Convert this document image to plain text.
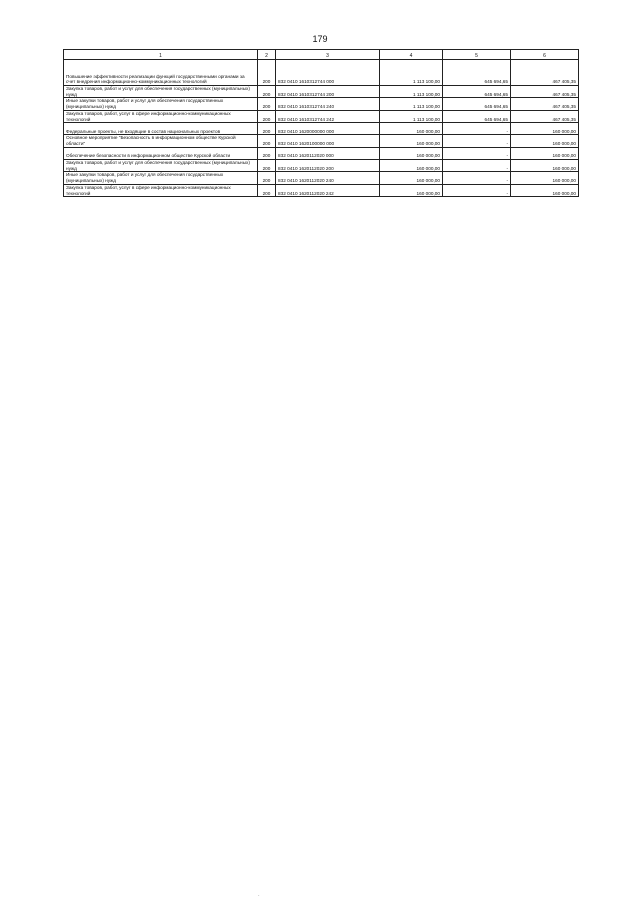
179
1	2	3	4	5	6
Повышение эффективности реализации функций государственными органами за счет внедрения информационно-коммуникационных технологий	200	832 0410 1610312744 000	1 113 100,00	645 694,65	467 405,35
Закупка товаров, работ и услуг для обеспечения государственных (муниципальных) нужд	200	832 0410 1610312744 200	1 113 100,00	645 694,65	467 405,35
Иные закупки товаров, работ и услуг для обеспечения государственных (муниципальных) нужд	200	832 0410 1610312744 240	1 113 100,00	645 694,65	467 405,35
Закупка товаров, работ, услуг в сфере информационно-коммуникационных технологий	200	832 0410 1610312744 242	1 113 100,00	645 694,65	467 405,35
Федеральные проекты, не входящие в состав национальных проектов	200	832 0410 1620000000 000	160 000,00	-	160 000,00
Основное мероприятие "Безопасность в информационном обществе Курской области"	200	832 0410 1620100000 000	160 000,00	-	160 000,00
Обеспечение безопасности в информационном обществе Курской области	200	832 0410 1620112020 000	160 000,00	-	160 000,00
Закупка товаров, работ и услуг для обеспечения государственных (муниципальных) нужд	200	832 0410 1620112020 200	160 000,00	-	160 000,00
Иные закупки товаров, работ и услуг для обеспечения государственных (муниципальных) нужд	200	832 0410 1620112020 240	160 000,00	-	160 000,00
Закупка товаров, работ, услуг в сфере информационно-коммуникационных технологий	200	832 0410 1620112020 242	160 000,00	-	160 000,00
·
